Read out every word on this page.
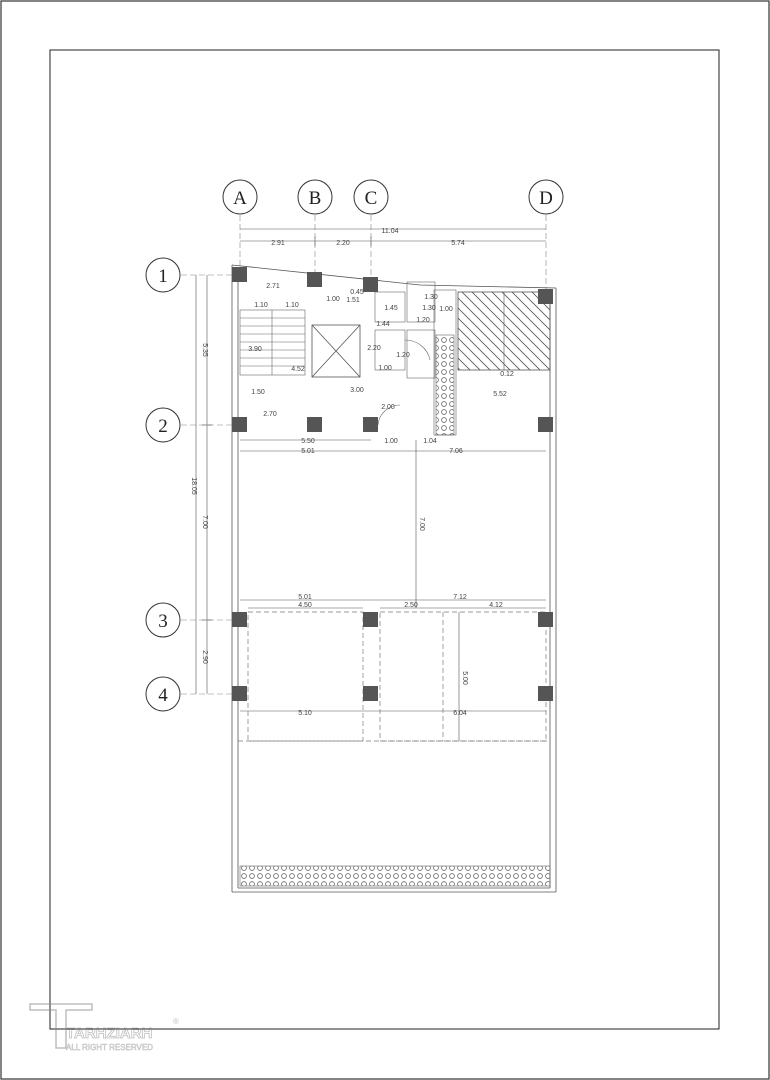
A	B C	D
1
2
3
4
11.04
2.91	2.20	5.74
5.35
18.05
7.00
2.90
2.71
1.10 1.10
1.00
0.45
1.51
3.90
4.52
1.50
2.70
1.45
1.44
2.20
3.00
1.30
1.20
1.20
1.00
1.00
1.30
2.00
1.00	1.04
5.52
0.12
5.50
5.01	7.06
7.00
5.01	7.12
4.50	2.50	4.12
5.00
5.10	6.04
TARHZIARH
ALL RIGHT RESERVED
®
